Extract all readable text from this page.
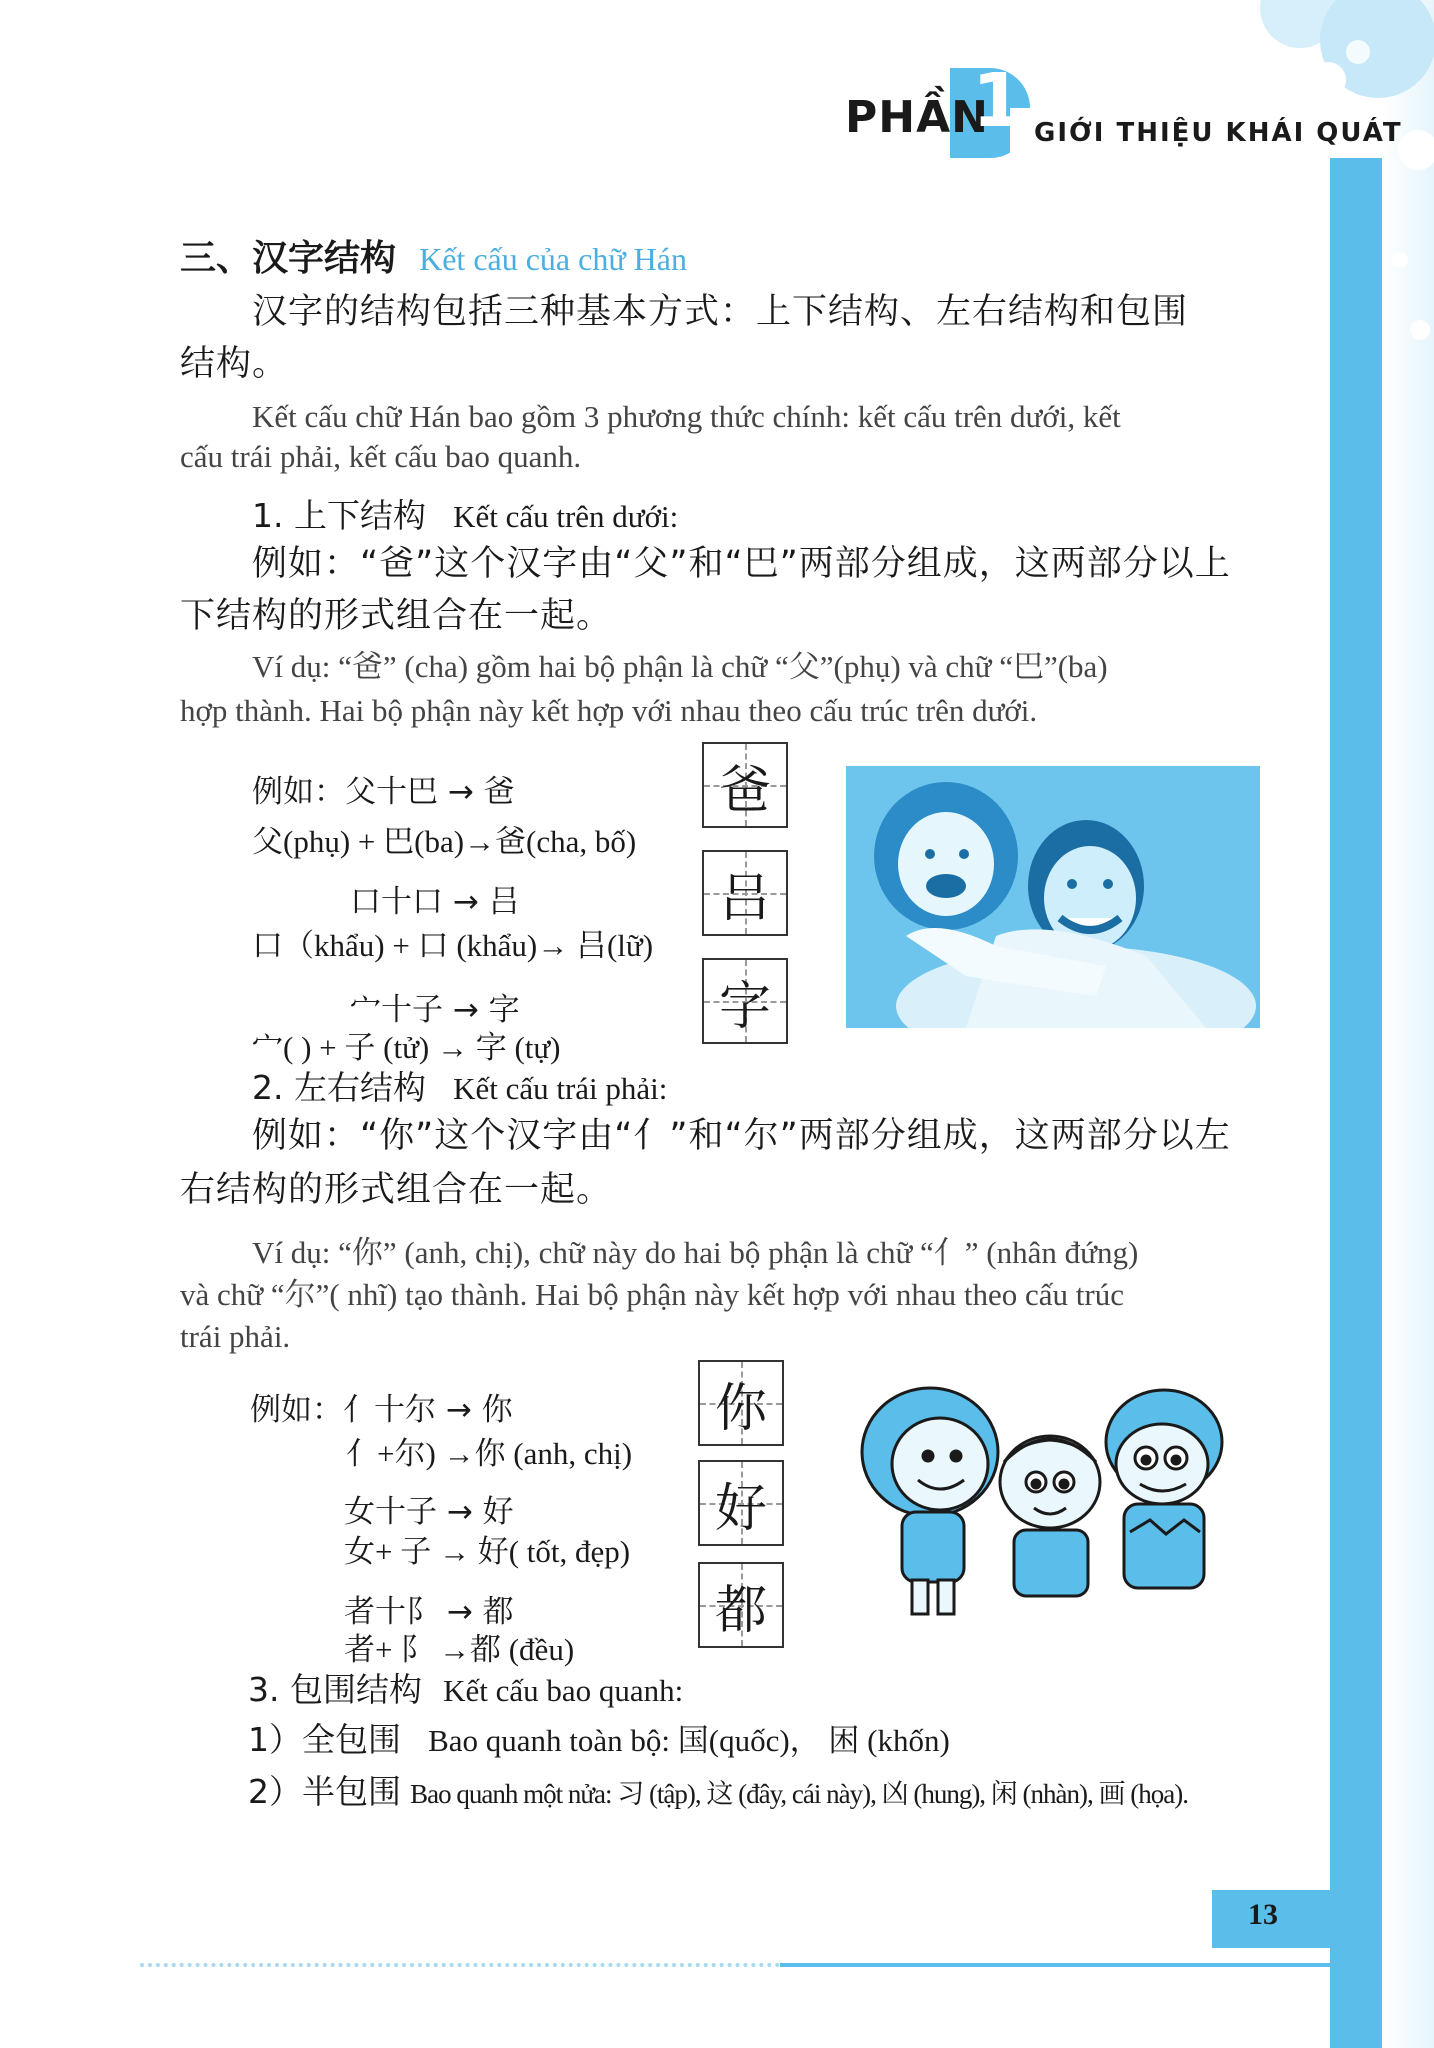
PHẦN
1 GIỚI THIỆU KHÁI QUÁT
三、汉字结构 Kết cấu của chữ Hán
汉字的结构包括三种基本方式：上下结构、左右结构和包围
结构。
Kết cấu chữ Hán bao gồm 3 phương thức chính: kết cấu trên dưới, kết
cấu trái phải, kết cấu bao quanh.
1. 上下结构 Kết cấu trên dưới:
例如：“爸”这个汉字由“父”和“巴”两部分组成，这两部分以上
下结构的形式组合在一起。
Ví dụ: “爸” (cha) gồm hai bộ phận là chữ “父”(phụ) và chữ “巴”(ba)
hợp thành. Hai bộ phận này kết hợp với nhau theo cấu trúc trên dưới.
例如：父十巴 → 爸
父(phụ) + 巴(ba)→爸(cha, bố)
口十口 → 吕
口（khẩu) + 口 (khẩu)→ 吕(lữ)
宀十子 → 字
宀( ) + 子 (tử) → 字 (tự)
爸
吕
字
2. 左右结构 Kết cấu trái phải:
例如：“你”这个汉字由“亻”和“尔”两部分组成，这两部分以左
右结构的形式组合在一起。
Ví dụ: “你” (anh, chị), chữ này do hai bộ phận là chữ “亻” (nhân đứng)
và chữ “尔”( nhĩ) tạo thành. Hai bộ phận này kết hợp với nhau theo cấu trúc
trái phải.
例如：亻十尔 → 你
亻+尔) →你 (anh, chị)
女十子 → 好
女+ 子 → 好( tốt, đẹp)
者十阝 → 都
者+ 阝 →都 (đều)
你
好
都
3. 包围结构 Kết cấu bao quanh:
1）全包围 Bao quanh toàn bộ: 国(quốc)， 困 (khốn)
2）半包围 Bao quanh một nửa: 习 (tập), 这 (đây, cái này), 凶 (hung), 闲 (nhàn), 画 (họa).
13
